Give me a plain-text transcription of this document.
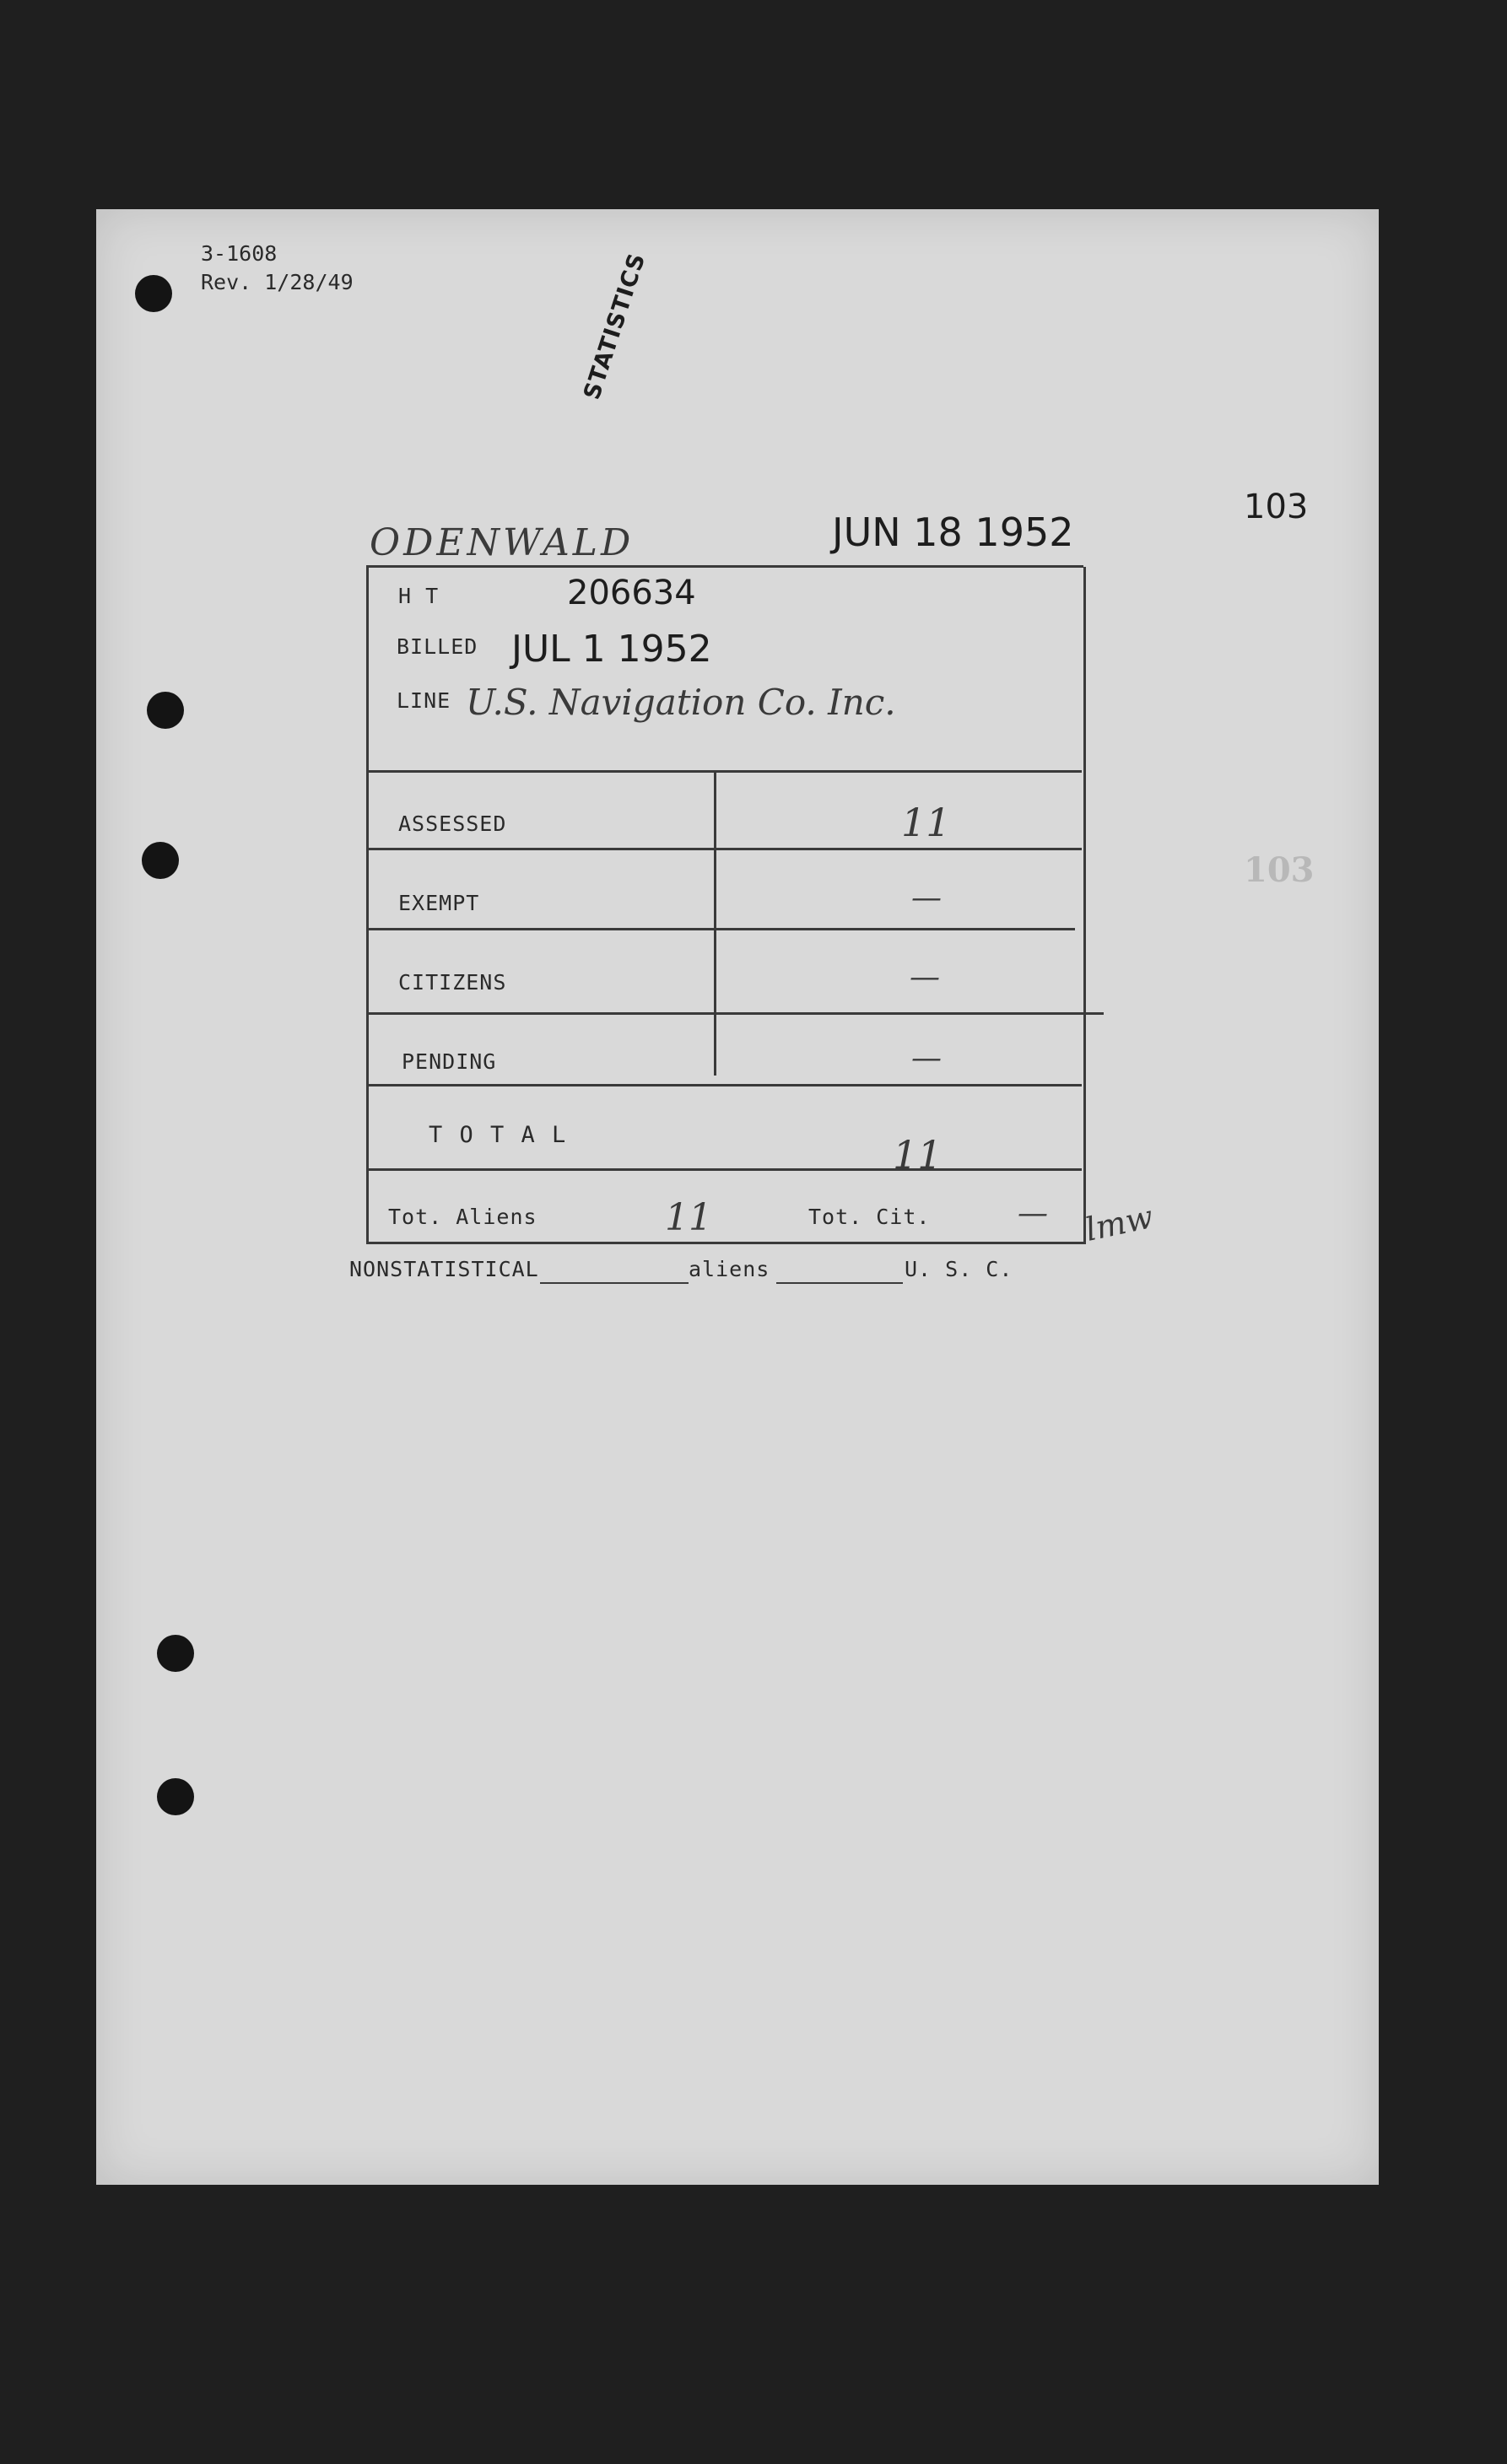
3-1608
Rev. 1/28/49	STATISTICS
103
103
ODENWALD	JUN 18 1952
H T	206634
BILLED JUL 1 1952
LINE U.S. Navigation Co. Inc.
ASSESSED	11
EXEMPT	—
CITIZENS	—
PENDING	—
T O T A L	11
Tot. Aliens	11	Tot. Cit.	— lmw
NONSTATISTICAL	aliens	U. S. C.
